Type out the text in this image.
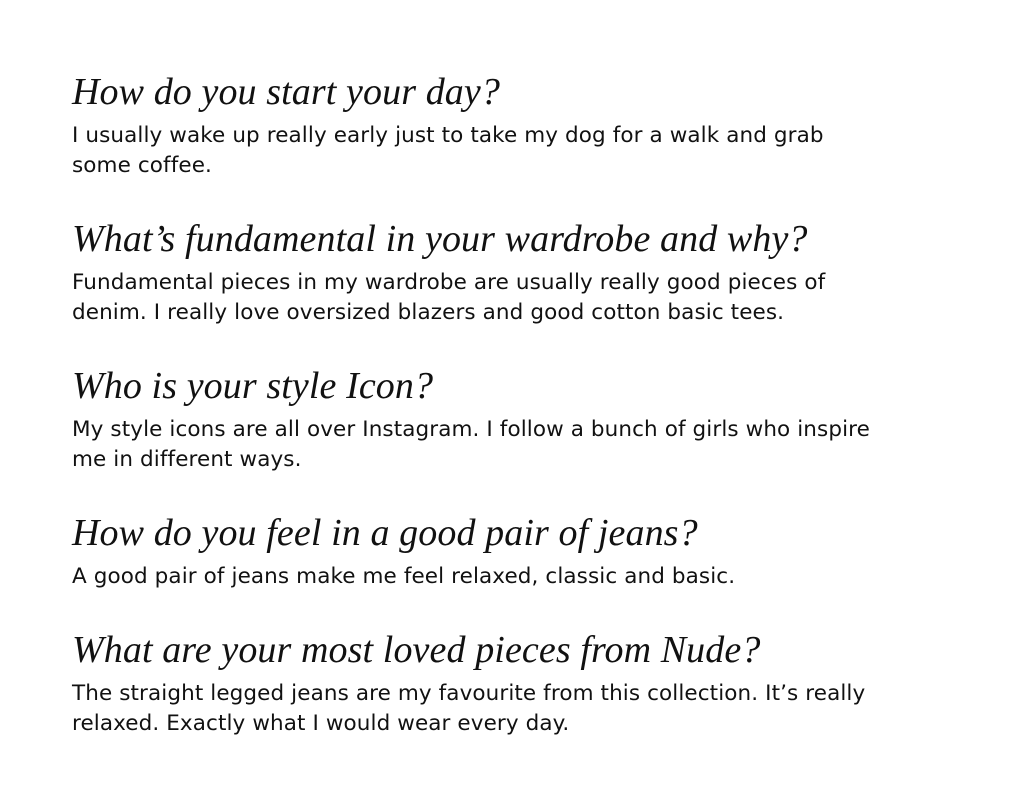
How do you start your day?

I usually wake up really early just to take my dog for a walk and grab
some coffee.

What’s fundamental in your wardrobe and why?

Fundamental pieces in my wardrobe are usually really good pieces of
denim. I really love oversized blazers and good cotton basic tees.

Who is your style Icon?

My style icons are all over Instagram. I follow a bunch of girls who inspire
me in different ways.

How do you feel in a good pair of jeans?

A good pair of jeans make me feel relaxed, classic and basic.

What are your most loved pieces from Nude?

The straight legged jeans are my favourite from this collection. It’s really
relaxed. Exactly what I would wear every day.
